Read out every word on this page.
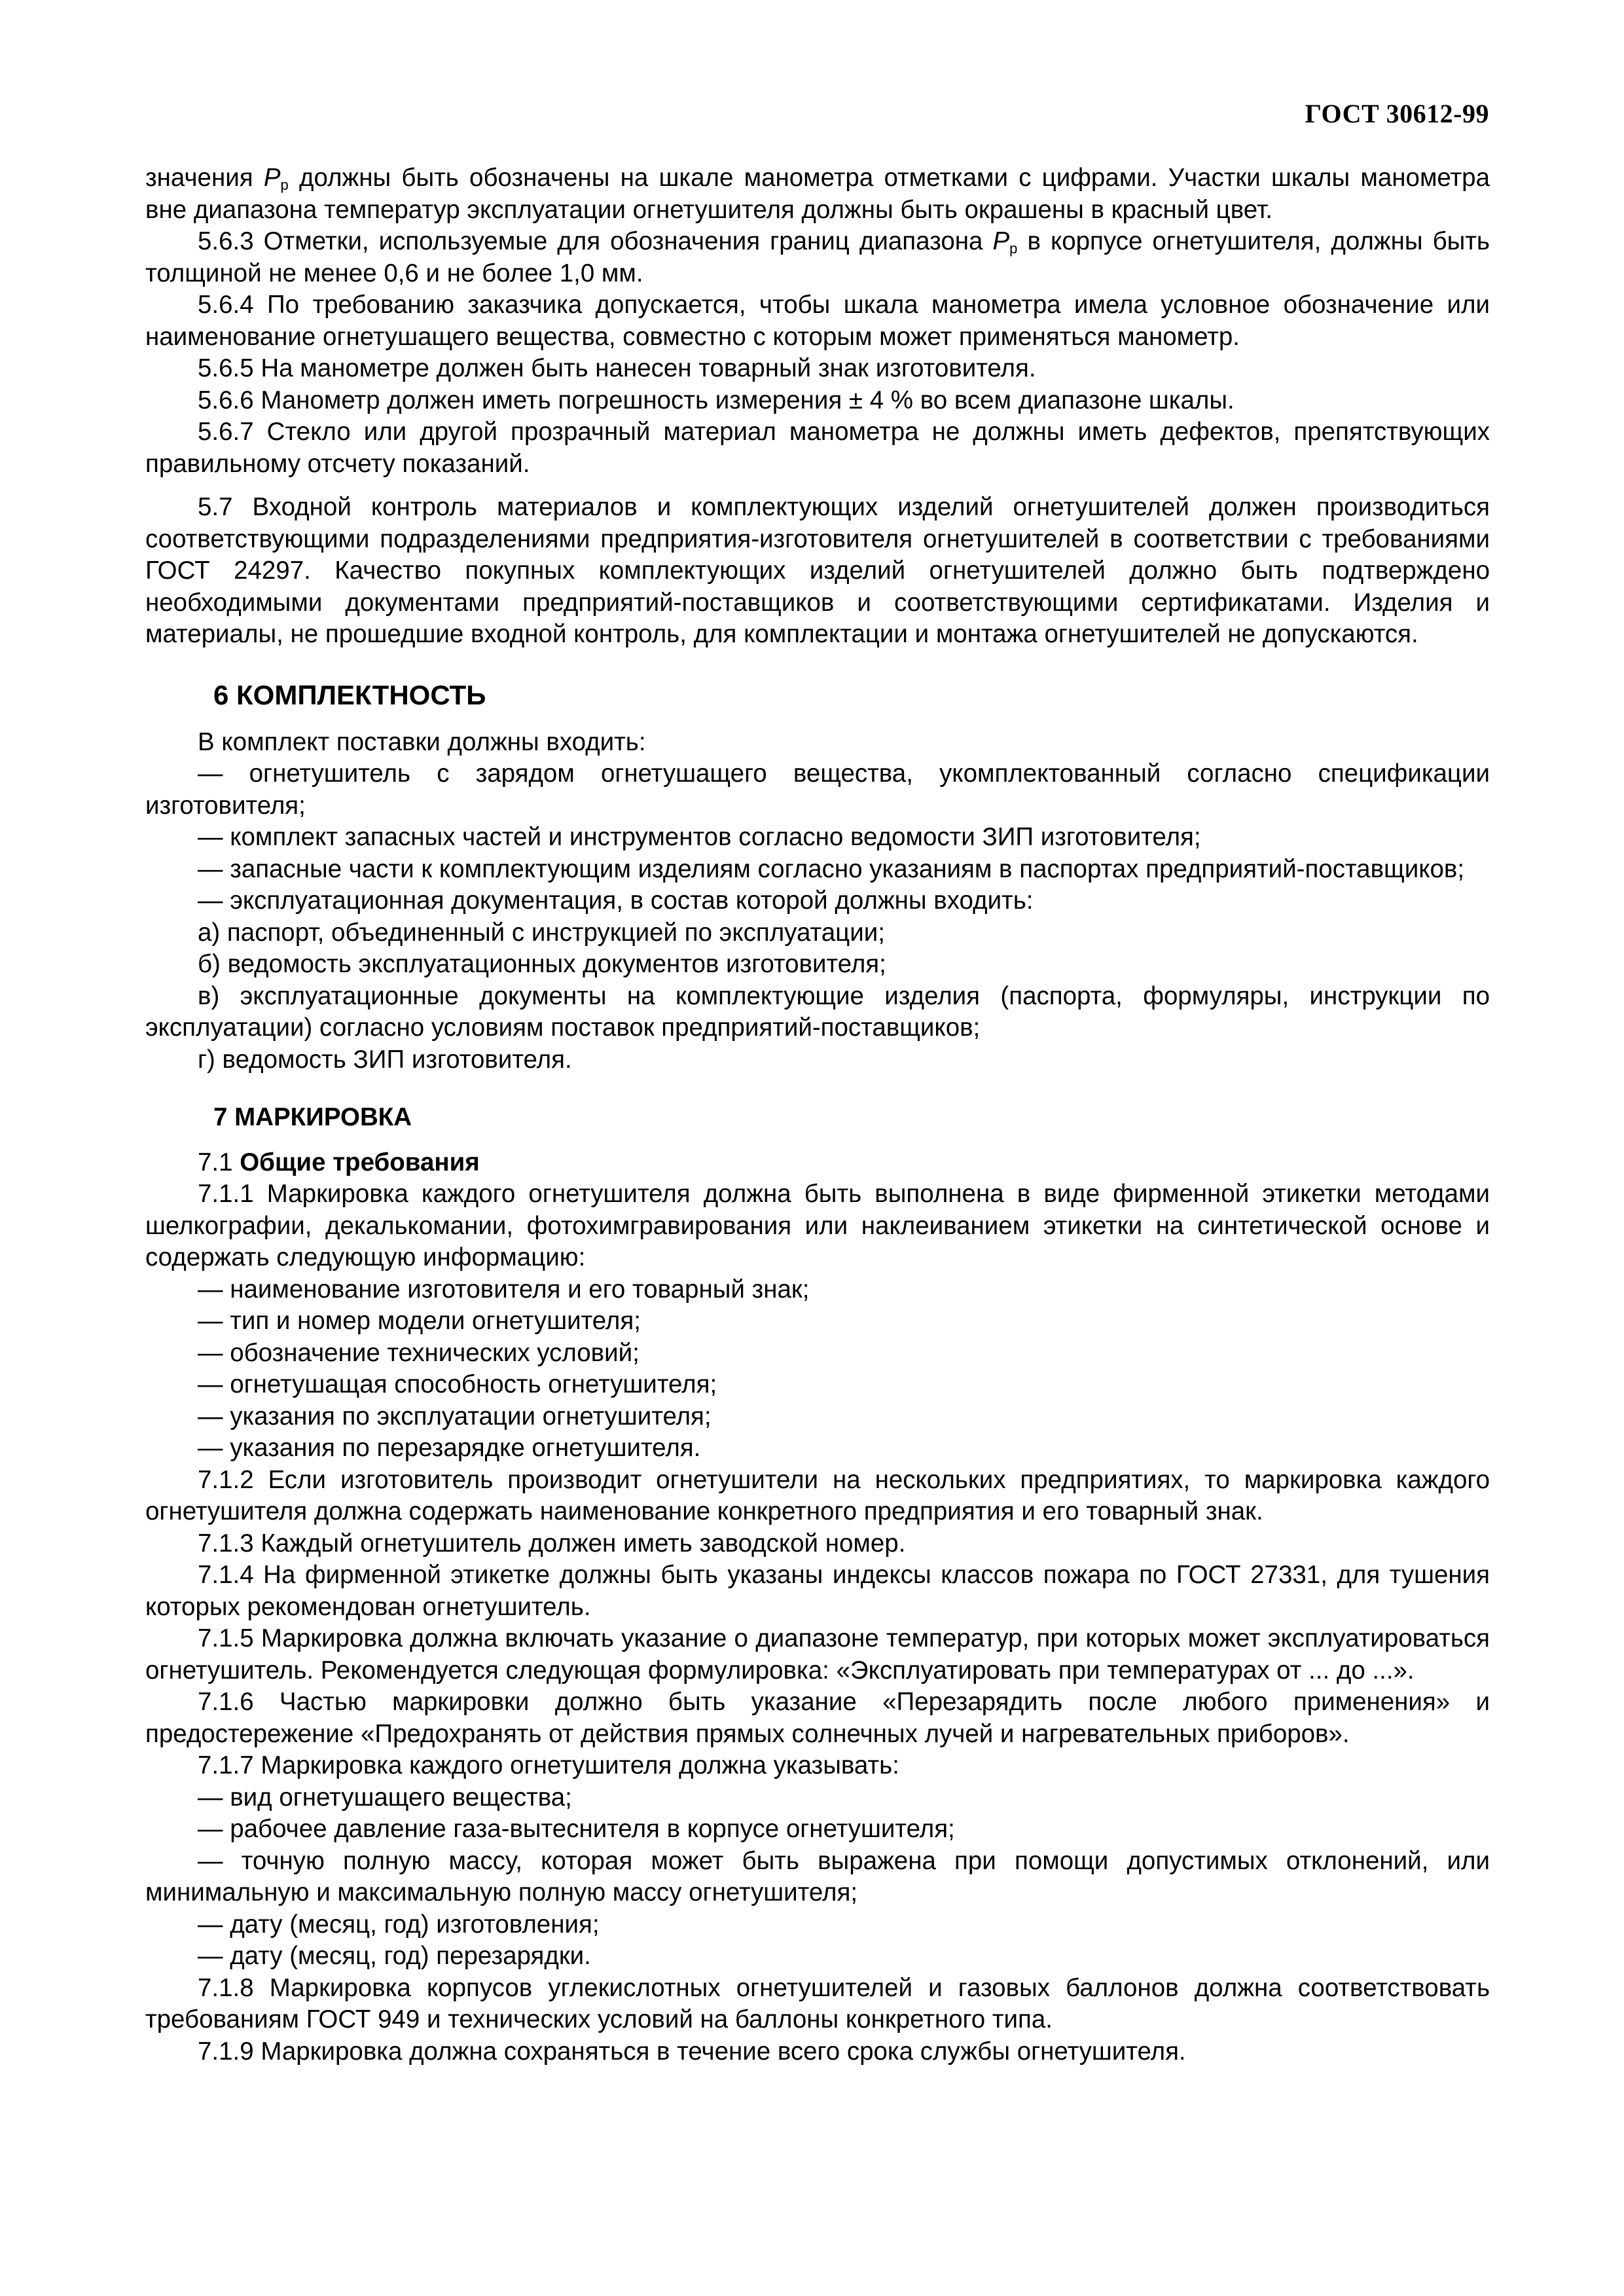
ГОСТ 30612-99

значения $P_р$ должны быть обозначены на шкале манометра отметками с цифрами. Участки шкалы манометра вне диапазона температур эксплуатации огнетушителя должны быть окрашены в красный цвет.

5.6.3 Отметки, используемые для обозначения границ диапазона $P_р$ в корпусе огнетушителя, должны быть толщиной не менее 0,6 и не более 1,0 мм.

5.6.4 По требованию заказчика допускается, чтобы шкала манометра имела условное обозначение или наименование огнетушащего вещества, совместно с которым может применяться манометр.

5.6.5 На манометре должен быть нанесен товарный знак изготовителя.

5.6.6 Манометр должен иметь погрешность измерения ± 4 % во всем диапазоне шкалы.

5.6.7 Стекло или другой прозрачный материал манометра не должны иметь дефектов, препятствующих правильному отсчету показаний.

5.7 Входной контроль материалов и комплектующих изделий огнетушителей должен производиться соответствующими подразделениями предприятия-изготовителя огнетушителей в соответствии с требованиями ГОСТ 24297. Качество покупных комплектующих изделий огнетушителей должно быть подтверждено необходимыми документами предприятий-поставщиков и соответствующими сертификатами. Изделия и материалы, не прошедшие входной контроль, для комплектации и монтажа огнетушителей не допускаются.

6 КОМПЛЕКТНОСТЬ

В комплект поставки должны входить:

— огнетушитель с зарядом огнетушащего вещества, укомплектованный согласно спецификации изготовителя;

— комплект запасных частей и инструментов согласно ведомости ЗИП изготовителя;

— запасные части к комплектующим изделиям согласно указаниям в паспортах предприятий-поставщиков;

— эксплуатационная документация, в состав которой должны входить:

а) паспорт, объединенный с инструкцией по эксплуатации;

б) ведомость эксплуатационных документов изготовителя;

в) эксплуатационные документы на комплектующие изделия (паспорта, формуляры, инструкции по эксплуатации) согласно условиям поставок предприятий-поставщиков;

г) ведомость ЗИП изготовителя.

7 МАРКИРОВКА

7.1 Общие требования

7.1.1 Маркировка каждого огнетушителя должна быть выполнена в виде фирменной этикетки методами шелкографии, декалькомании, фотохимгравирования или наклеиванием этикетки на синтетической основе и содержать следующую информацию:

— наименование изготовителя и его товарный знак;

— тип и номер модели огнетушителя;

— обозначение технических условий;

— огнетушащая способность огнетушителя;

— указания по эксплуатации огнетушителя;

— указания по перезарядке огнетушителя.

7.1.2 Если изготовитель производит огнетушители на нескольких предприятиях, то маркировка каждого огнетушителя должна содержать наименование конкретного предприятия и его товарный знак.

7.1.3 Каждый огнетушитель должен иметь заводской номер.

7.1.4 На фирменной этикетке должны быть указаны индексы классов пожара по ГОСТ 27331, для тушения которых рекомендован огнетушитель.

7.1.5 Маркировка должна включать указание о диапазоне температур, при которых может эксплуатироваться огнетушитель. Рекомендуется следующая формулировка: «Эксплуатировать при температурах от ... до ...».

7.1.6 Частью маркировки должно быть указание «Перезарядить после любого применения» и предостережение «Предохранять от действия прямых солнечных лучей и нагревательных приборов».

7.1.7 Маркировка каждого огнетушителя должна указывать:

— вид огнетушащего вещества;

— рабочее давление газа-вытеснителя в корпусе огнетушителя;

— точную полную массу, которая может быть выражена при помощи допустимых отклонений, или минимальную и максимальную полную массу огнетушителя;

— дату (месяц, год) изготовления;

— дату (месяц, год) перезарядки.

7.1.8 Маркировка корпусов углекислотных огнетушителей и газовых баллонов должна соответствовать требованиям ГОСТ 949 и технических условий на баллоны конкретного типа.

7.1.9 Маркировка должна сохраняться в течение всего срока службы огнетушителя.
